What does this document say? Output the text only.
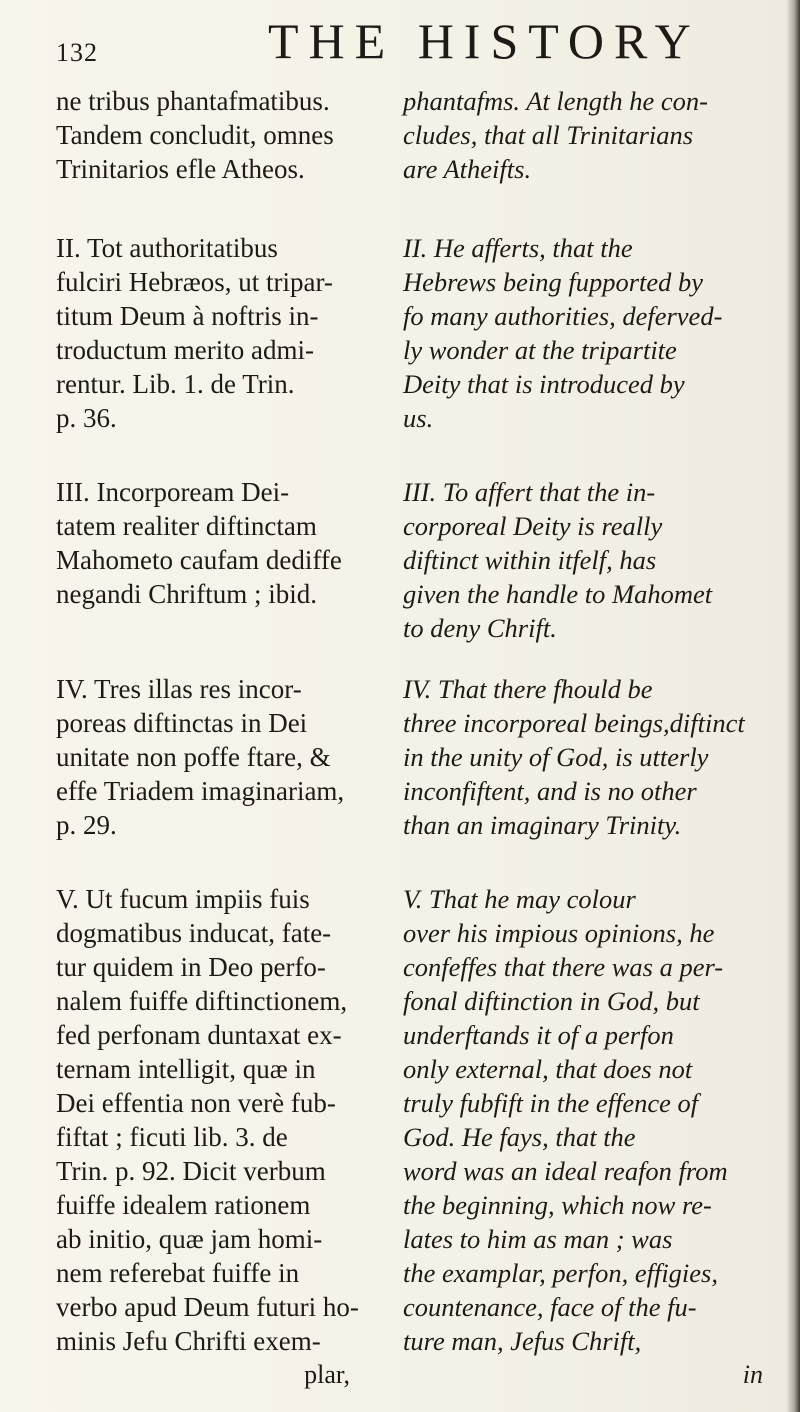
132	THE HISTORY
ne tribus phantafmatibus.
Tandem concludit, omnes
Trinitarios efle Atheos.
II. Tot authoritatibus
fulciri Hebræos, ut tripar-
titum Deum à noftris in-
troductum merito admi-
rentur. Lib. 1. de Trin.
p. 36.
III. Incorpoream Dei-
tatem realiter diftinctam
Mahometo caufam dediffe
negandi Chriftum ; ibid.
IV. Tres illas res incor-
poreas diftinctas in Dei
unitate non poffe ftare, &
effe Triadem imaginariam,
p. 29.
V. Ut fucum impiis fuis
dogmatibus inducat, fate-
tur quidem in Deo perfo-
nalem fuiffe diftinctionem,
fed perfonam duntaxat ex-
ternam intelligit, quæ in
Dei effentia non verè fub-
fiftat ; ficuti lib. 3. de
Trin. p. 92. Dicit verbum
fuiffe idealem rationem
ab initio, quæ jam homi-
nem referebat fuiffe in
verbo apud Deum futuri ho-
minis Jefu Chrifti exem-
plar,
phantafms. At length he con-
cludes, that all Trinitarians
are Atheifts.
II. He afferts, that the
Hebrews being fupported by
fo many authorities, deferved-
ly wonder at the tripartite
Deity that is introduced by
us.
III. To affert that the in-
corporeal Deity is really
diftinct within itfelf, has
given the handle to Mahomet
to deny Chrift.
IV. That there fhould be
three incorporeal beings,diftinct
in the unity of God, is utterly
inconfiftent, and is no other
than an imaginary Trinity.
V. That he may colour
over his impious opinions, he
confeffes that there was a per-
fonal diftinction in God, but
underftands it of a perfon
only external, that does not
truly fubfift in the effence of
God. He fays, that the
word was an ideal reafon from
the beginning, which now re-
lates to him as man ; was
the examplar, perfon, effigies,
countenance, face of the fu-
ture man, Jefus Chrift,
in
